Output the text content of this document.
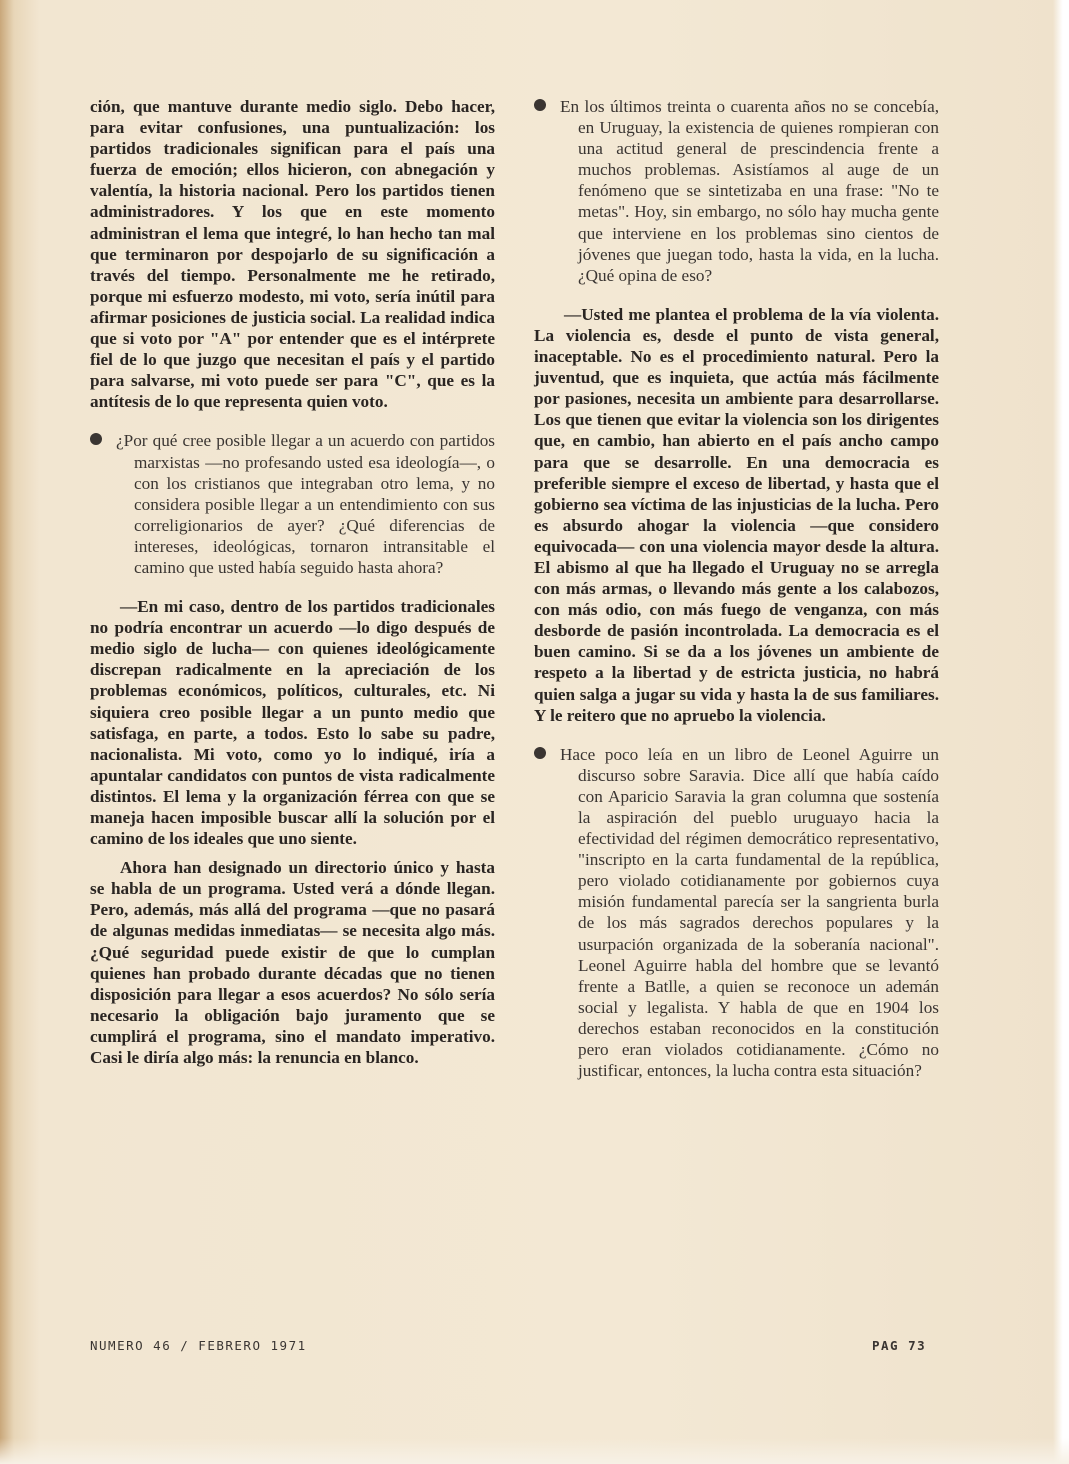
ción, que mantuve durante medio siglo. Debo hacer, para evitar confusiones, una puntualización: los partidos tradicionales significan para el país una fuerza de emoción; ellos hicieron, con abnegación y valentía, la historia nacional. Pero los partidos tienen administradores. Y los que en este momento administran el lema que integré, lo han hecho tan mal que terminaron por despojarlo de su significación a través del tiempo. Personalmente me he retirado, porque mi esfuerzo modesto, mi voto, sería inútil para afirmar posiciones de justicia social. La realidad indica que si voto por "A" por entender que es el intérprete fiel de lo que juzgo que necesitan el país y el partido para salvarse, mi voto puede ser para "C", que es la antítesis de lo que representa quien voto.

¿Por qué cree posible llegar a un acuerdo con partidos marxistas —no profesando usted esa ideología—, o con los cristianos que integraban otro lema, y no considera posible llegar a un entendimiento con sus correligionarios de ayer? ¿Qué diferencias de intereses, ideológicas, tornaron intransitable el camino que usted había seguido hasta ahora?

—En mi caso, dentro de los partidos tradicionales no podría encontrar un acuerdo —lo digo después de medio siglo de lucha— con quienes ideológicamente discrepan radicalmente en la apreciación de los problemas económicos, políticos, culturales, etc. Ni siquiera creo posible llegar a un punto medio que satisfaga, en parte, a todos. Esto lo sabe su padre, nacionalista. Mi voto, como yo lo indiqué, iría a apuntalar candidatos con puntos de vista radicalmente distintos. El lema y la organización férrea con que se maneja hacen imposible buscar allí la solución por el camino de los ideales que uno siente.

Ahora han designado un directorio único y hasta se habla de un programa. Usted verá a dónde llegan. Pero, además, más allá del programa —que no pasará de algunas medidas inmediatas— se necesita algo más. ¿Qué seguridad puede existir de que lo cumplan quienes han probado durante décadas que no tienen disposición para llegar a esos acuerdos? No sólo sería necesario la obligación bajo juramento que se cumplirá el programa, sino el mandato imperativo. Casi le diría algo más: la renuncia en blanco.

En los últimos treinta o cuarenta años no se concebía, en Uruguay, la existencia de quienes rompieran con una actitud general de prescindencia frente a muchos problemas. Asistíamos al auge de un fenómeno que se sintetizaba en una frase: "No te metas". Hoy, sin embargo, no sólo hay mucha gente que interviene en los problemas sino cientos de jóvenes que juegan todo, hasta la vida, en la lucha. ¿Qué opina de eso?

—Usted me plantea el problema de la vía violenta. La violencia es, desde el punto de vista general, inaceptable. No es el procedimiento natural. Pero la juventud, que es inquieta, que actúa más fácilmente por pasiones, necesita un ambiente para desarrollarse. Los que tienen que evitar la violencia son los dirigentes que, en cambio, han abierto en el país ancho campo para que se desarrolle. En una democracia es preferible siempre el exceso de libertad, y hasta que el gobierno sea víctima de las injusticias de la lucha. Pero es absurdo ahogar la violencia —que considero equivocada— con una violencia mayor desde la altura. El abismo al que ha llegado el Uruguay no se arregla con más armas, o llevando más gente a los calabozos, con más odio, con más fuego de venganza, con más desborde de pasión incontrolada. La democracia es el buen camino. Si se da a los jóvenes un ambiente de respeto a la libertad y de estricta justicia, no habrá quien salga a jugar su vida y hasta la de sus familiares. Y le reitero que no apruebo la violencia.

Hace poco leía en un libro de Leonel Aguirre un discurso sobre Saravia. Dice allí que había caído con Aparicio Saravia la gran columna que sostenía la aspiración del pueblo uruguayo hacia la efectividad del régimen democrático representativo, "inscripto en la carta fundamental de la república, pero violado cotidianamente por gobiernos cuya misión fundamental parecía ser la sangrienta burla de los más sagrados derechos populares y la usurpación organizada de la soberanía nacional". Leonel Aguirre habla del hombre que se levantó frente a Batlle, a quien se reconoce un ademán social y legalista. Y habla de que en 1904 los derechos estaban reconocidos en la constitución pero eran violados cotidianamente. ¿Cómo no justificar, entonces, la lucha contra esta situación?

NUMERO 46 / FEBRERO 1971	PAG 73
